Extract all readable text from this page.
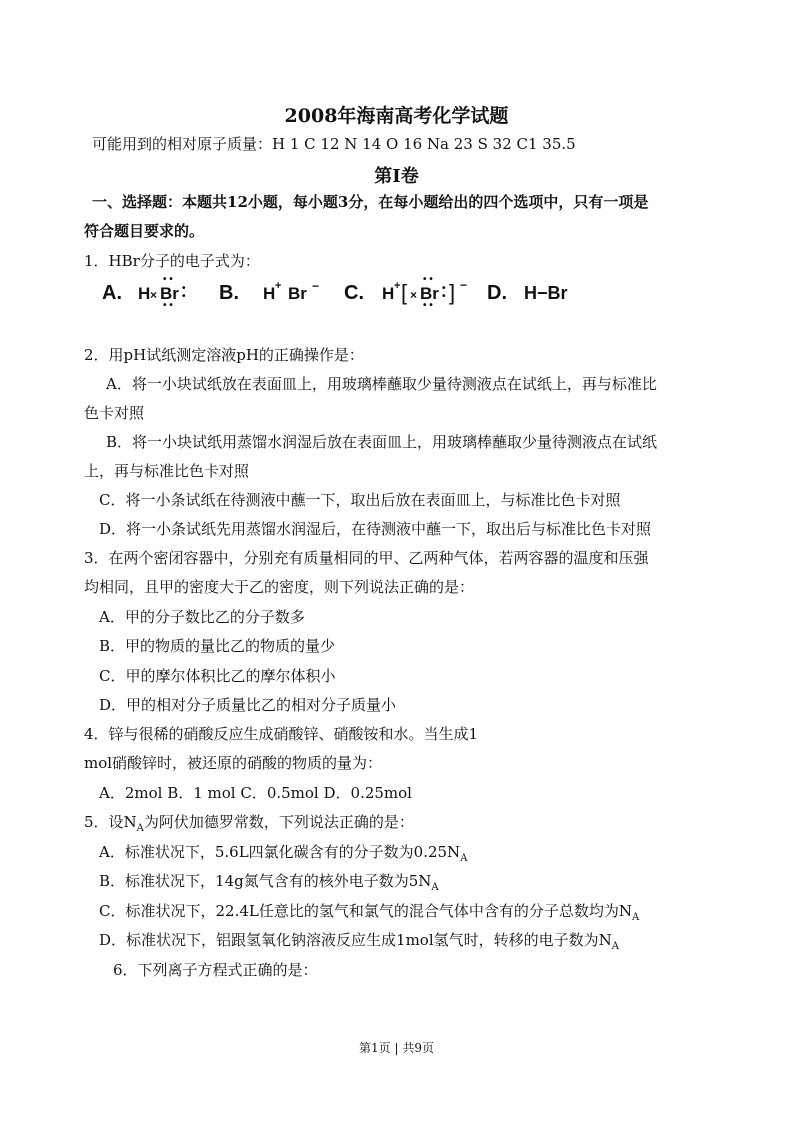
2008年海南高考化学试题
可能用到的相对原子质量：H 1 C 12 N 14 O 16 Na 23 S 32 C1 35.5
第I卷
一、选择题：本题共12小题，每小题3分，在每小题给出的四个选项中，只有一项是
符合题目要求的。
1．HBr分子的电子式为：
A. H × Br
• •
• •
•
• B. H + Br − C. H + [ × Br
• •
• •
•
• ] − D. H−Br
2．用pH试纸测定溶液pH的正确操作是：
A．将一小块试纸放在表面皿上，用玻璃棒蘸取少量待测液点在试纸上，再与标准比
色卡对照
B．将一小块试纸用蒸馏水润湿后放在表面皿上，用玻璃棒蘸取少量待测液点在试纸
上，再与标准比色卡对照
C．将一小条试纸在待测液中蘸一下，取出后放在表面皿上，与标准比色卡对照
D．将一小条试纸先用蒸馏水润湿后，在待测液中蘸一下，取出后与标准比色卡对照
3．在两个密闭容器中，分别充有质量相同的甲、乙两种气体，若两容器的温度和压强
均相同，且甲的密度大于乙的密度，则下列说法正确的是：
A．甲的分子数比乙的分子数多
B．甲的物质的量比乙的物质的量少
C．甲的摩尔体积比乙的摩尔体积小
D．甲的相对分子质量比乙的相对分子质量小
4．锌与很稀的硝酸反应生成硝酸锌、硝酸铵和水。当生成1
mol硝酸锌时，被还原的硝酸的物质的量为：
A．2mol B．1 mol C．0.5mol D．0.25mol
5．设$N_A$为阿伏加德罗常数，下列说法正确的是：
A．标准状况下，5.6L四氯化碳含有的分子数为$0.25N_A$
B．标准状况下，14g氮气含有的核外电子数为$5N_A$
C．标准状况下，22.4L任意比的氢气和氯气的混合气体中含有的分子总数均为$N_A$
D．标准状况下，铝跟氢氧化钠溶液反应生成1mol氢气时，转移的电子数为$N_A$
6．下列离子方程式正确的是：
第1页 | 共9页
